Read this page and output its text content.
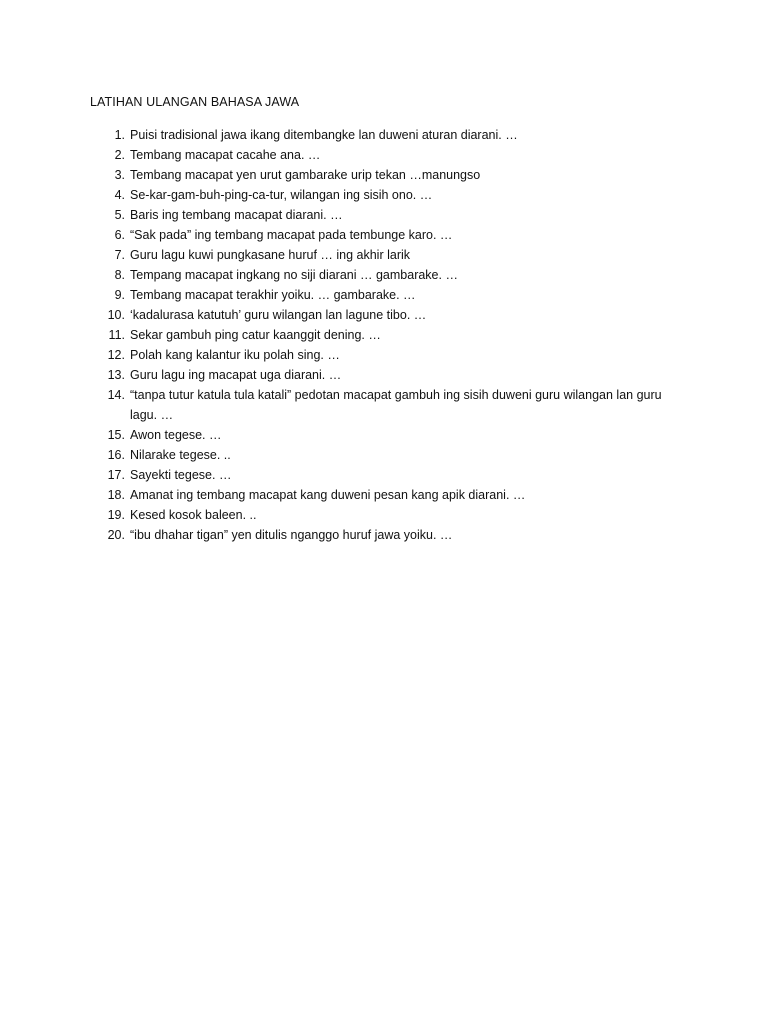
LATIHAN ULANGAN BAHASA JAWA
1. Puisi tradisional jawa ikang ditembangke lan duweni aturan diarani. …
2. Tembang macapat cacahe ana. …
3. Tembang macapat yen urut gambarake urip tekan …manungso
4. Se-kar-gam-buh-ping-ca-tur, wilangan ing sisih ono. …
5. Baris ing tembang macapat diarani. …
6. “Sak pada” ing tembang macapat pada tembunge karo. …
7. Guru lagu kuwi pungkasane huruf … ing akhir larik
8. Tempang macapat ingkang no siji diarani … gambarake. …
9. Tembang macapat terakhir yoiku. … gambarake. …
10. ‘kadalurasa katutuh’ guru wilangan lan lagune tibo. …
11. Sekar gambuh ping catur kaanggit dening. …
12. Polah kang kalantur iku polah sing. …
13. Guru lagu ing macapat uga diarani. …
14. “tanpa tutur katula tula katali” pedotan macapat gambuh ing sisih duweni guru wilangan lan guru lagu. …
15. Awon tegese. …
16. Nilarake tegese. ..
17. Sayekti tegese. …
18. Amanat ing tembang macapat kang duweni pesan kang apik diarani. …
19. Kesed kosok baleen. ..
20. “ibu dhahar tigan” yen ditulis nganggo huruf jawa yoiku. …
